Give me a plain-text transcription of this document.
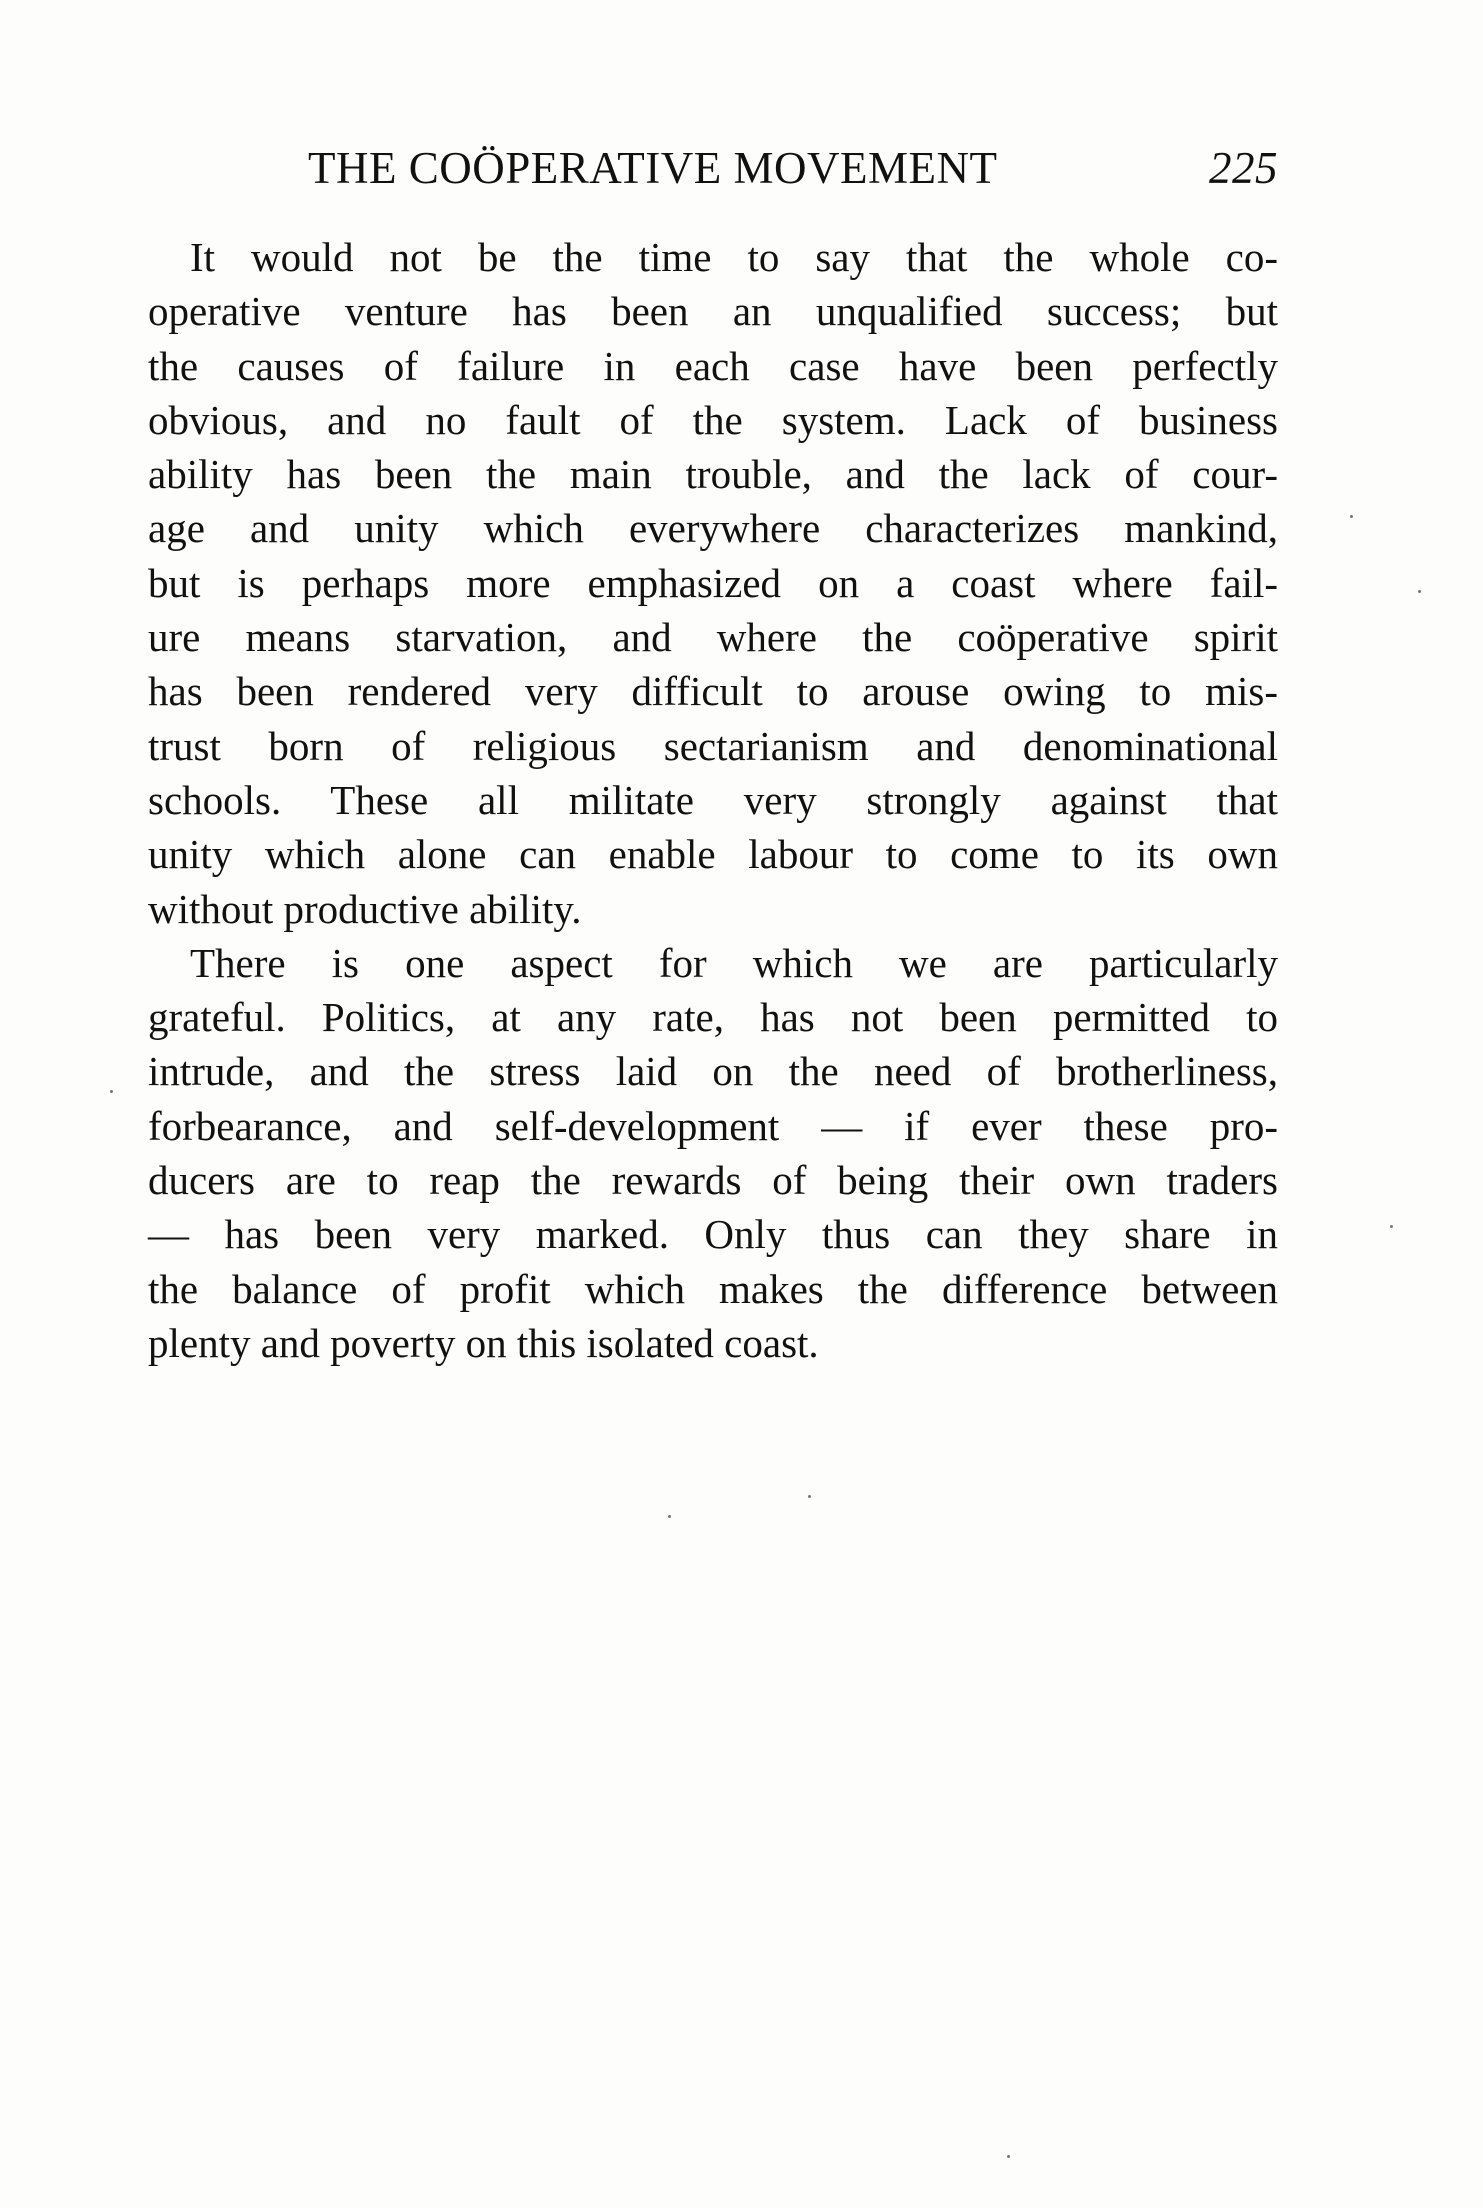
THE COÖPERATIVE MOVEMENT	225

It would not be the time to say that the whole co-
operative venture has been an unqualified success; but
the causes of failure in each case have been perfectly
obvious, and no fault of the system. Lack of business
ability has been the main trouble, and the lack of cour-
age and unity which everywhere characterizes mankind,
but is perhaps more emphasized on a coast where fail-
ure means starvation, and where the coöperative spirit
has been rendered very difficult to arouse owing to mis-
trust born of religious sectarianism and denominational
schools. These all militate very strongly against that
unity which alone can enable labour to come to its own
without productive ability.

There is one aspect for which we are particularly
grateful. Politics, at any rate, has not been permitted to
intrude, and the stress laid on the need of brotherliness,
forbearance, and self-development — if ever these pro-
ducers are to reap the rewards of being their own traders
— has been very marked. Only thus can they share in
the balance of profit which makes the difference between
plenty and poverty on this isolated coast.
